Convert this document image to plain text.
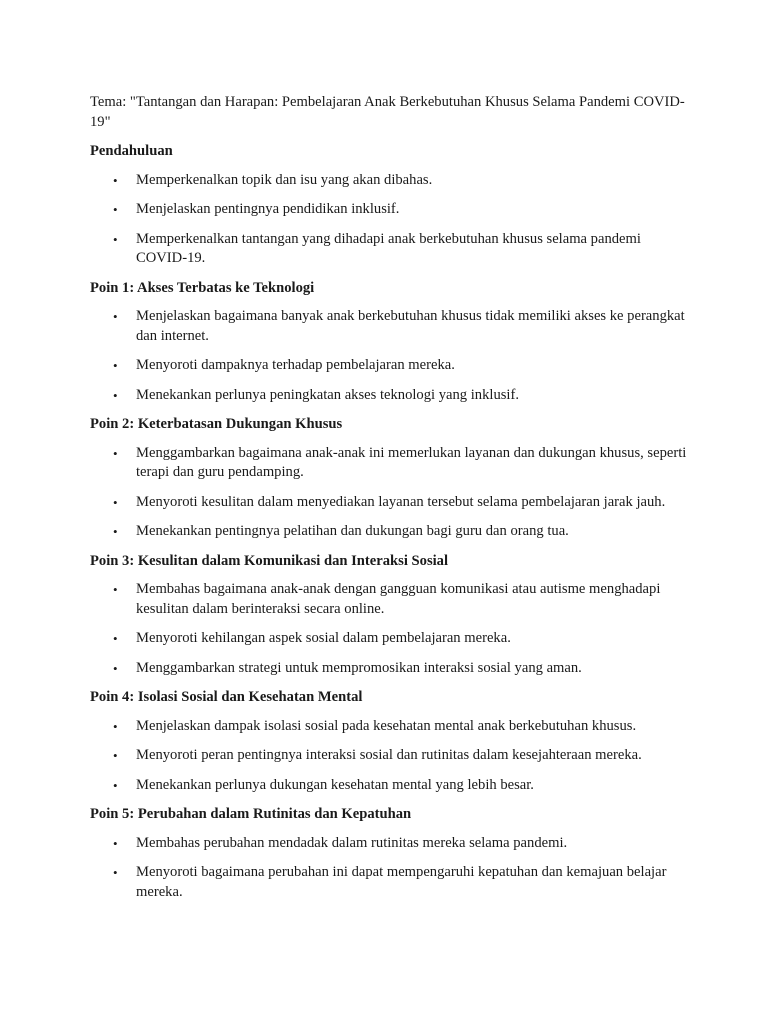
Tema: "Tantangan dan Harapan: Pembelajaran Anak Berkebutuhan Khusus Selama Pandemi COVID-19"

Pendahuluan
• Memperkenalkan topik dan isu yang akan dibahas.
• Menjelaskan pentingnya pendidikan inklusif.
• Memperkenalkan tantangan yang dihadapi anak berkebutuhan khusus selama pandemi COVID-19.
Poin 1: Akses Terbatas ke Teknologi
• Menjelaskan bagaimana banyak anak berkebutuhan khusus tidak memiliki akses ke perangkat dan internet.
• Menyoroti dampaknya terhadap pembelajaran mereka.
• Menekankan perlunya peningkatan akses teknologi yang inklusif.
Poin 2: Keterbatasan Dukungan Khusus
• Menggambarkan bagaimana anak-anak ini memerlukan layanan dan dukungan khusus, seperti terapi dan guru pendamping.
• Menyoroti kesulitan dalam menyediakan layanan tersebut selama pembelajaran jarak jauh.
• Menekankan pentingnya pelatihan dan dukungan bagi guru dan orang tua.
Poin 3: Kesulitan dalam Komunikasi dan Interaksi Sosial
• Membahas bagaimana anak-anak dengan gangguan komunikasi atau autisme menghadapi kesulitan dalam berinteraksi secara online.
• Menyoroti kehilangan aspek sosial dalam pembelajaran mereka.
• Menggambarkan strategi untuk mempromosikan interaksi sosial yang aman.
Poin 4: Isolasi Sosial dan Kesehatan Mental
• Menjelaskan dampak isolasi sosial pada kesehatan mental anak berkebutuhan khusus.
• Menyoroti peran pentingnya interaksi sosial dan rutinitas dalam kesejahteraan mereka.
• Menekankan perlunya dukungan kesehatan mental yang lebih besar.
Poin 5: Perubahan dalam Rutinitas dan Kepatuhan
• Membahas perubahan mendadak dalam rutinitas mereka selama pandemi.
• Menyoroti bagaimana perubahan ini dapat mempengaruhi kepatuhan dan kemajuan belajar mereka.
